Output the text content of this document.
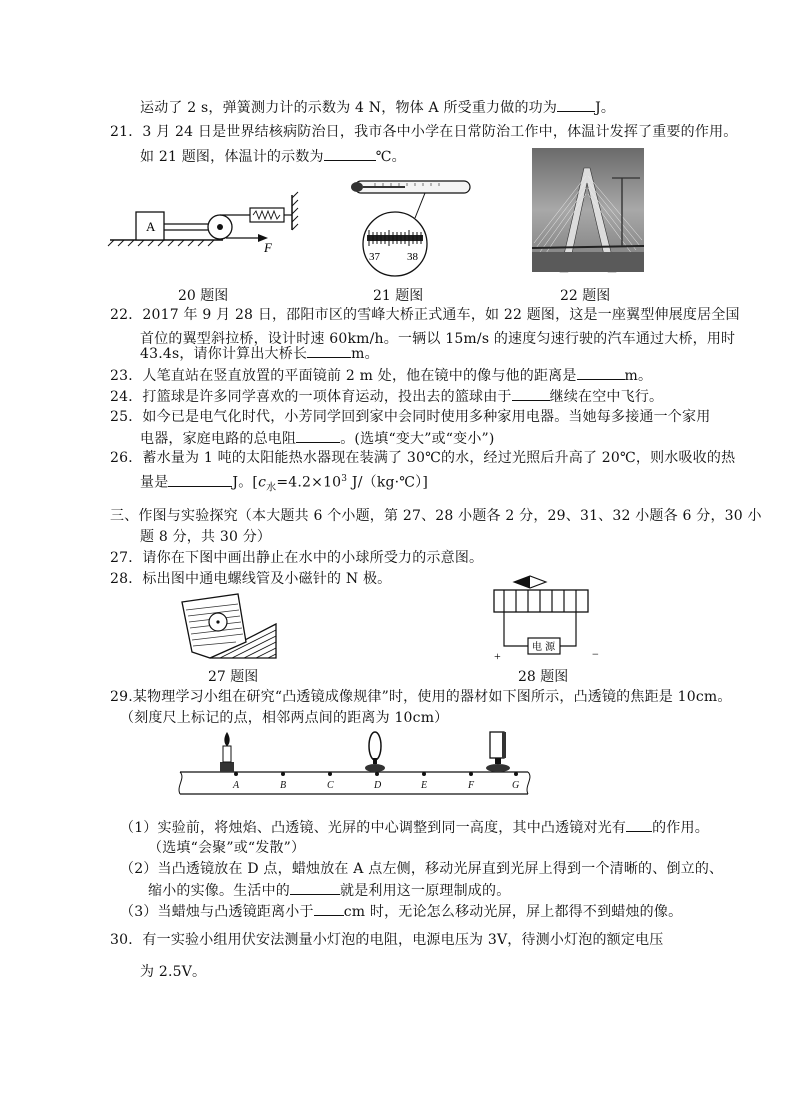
运动了 2 s，弹簧测力计的示数为 4 N，物体 A 所受重力做的功为	J。
21．3 月 24 日是世界结核病防治日，我市各中小学在日常防治工作中，体温计发挥了重要的作用。
如 21 题图，体温计的示数为	℃。
A
F
37 38
20 题图	21 题图	22 题图
22．2017 年 9 月 28 日，邵阳市区的雪峰大桥正式通车，如 22 题图，这是一座翼型伸展度居全国
首位的翼型斜拉桥，设计时速 60km/h。一辆以 15m/s 的速度匀速行驶的汽车通过大桥，用时
43.4s，请你计算出大桥长	m。
23．人笔直站在竖直放置的平面镜前 2 m 处，他在镜中的像与他的距离是	m。
24．打篮球是许多同学喜欢的一项体育运动，投出去的篮球由于	继续在空中飞行。
25．如今已是电气化时代，小芳同学回到家中会同时使用多种家用电器。当她每多接通一个家用
电器，家庭电路的总电阻	。(选填“变大”或“变小”)
26．蓄水量为 1 吨的太阳能热水器现在装满了 30℃的水，经过光照后升高了 20℃，则水吸收的热
量是	J。[$c_水=4.2\times 10^3$ J/（kg·℃）]
三、作图与实验探究（本大题共 6 个小题，第 27、28 小题各 2 分，29、31、32 小题各 6 分，30 小
题 8 分，共 30 分）
27．请你在下图中画出静止在水中的小球所受力的示意图。
28．标出图中通电螺线管及小磁针的 N 极。
电 源
+	−
27 题图	28 题图
29.某物理学习小组在研究“凸透镜成像规律”时，使用的器材如下图所示，凸透镜的焦距是 10cm。
（刻度尺上标记的点，相邻两点间的距离为 10cm）
A	B	C	D	E	F	G
（1）实验前，将烛焰、凸透镜、光屏的中心调整到同一高度，其中凸透镜对光有 的作用。
（选填“会聚”或“发散”）
（2）当凸透镜放在 D 点，蜡烛放在 A 点左侧，移动光屏直到光屏上得到一个清晰的、倒立的、
缩小的实像。生活中的	就是利用这一原理制成的。
（3）当蜡烛与凸透镜距离小于 cm 时，无论怎么移动光屏，屏上都得不到蜡烛的像。
30．有一实验小组用伏安法测量小灯泡的电阻，电源电压为 3V，待测小灯泡的额定电压
为 2.5V。
